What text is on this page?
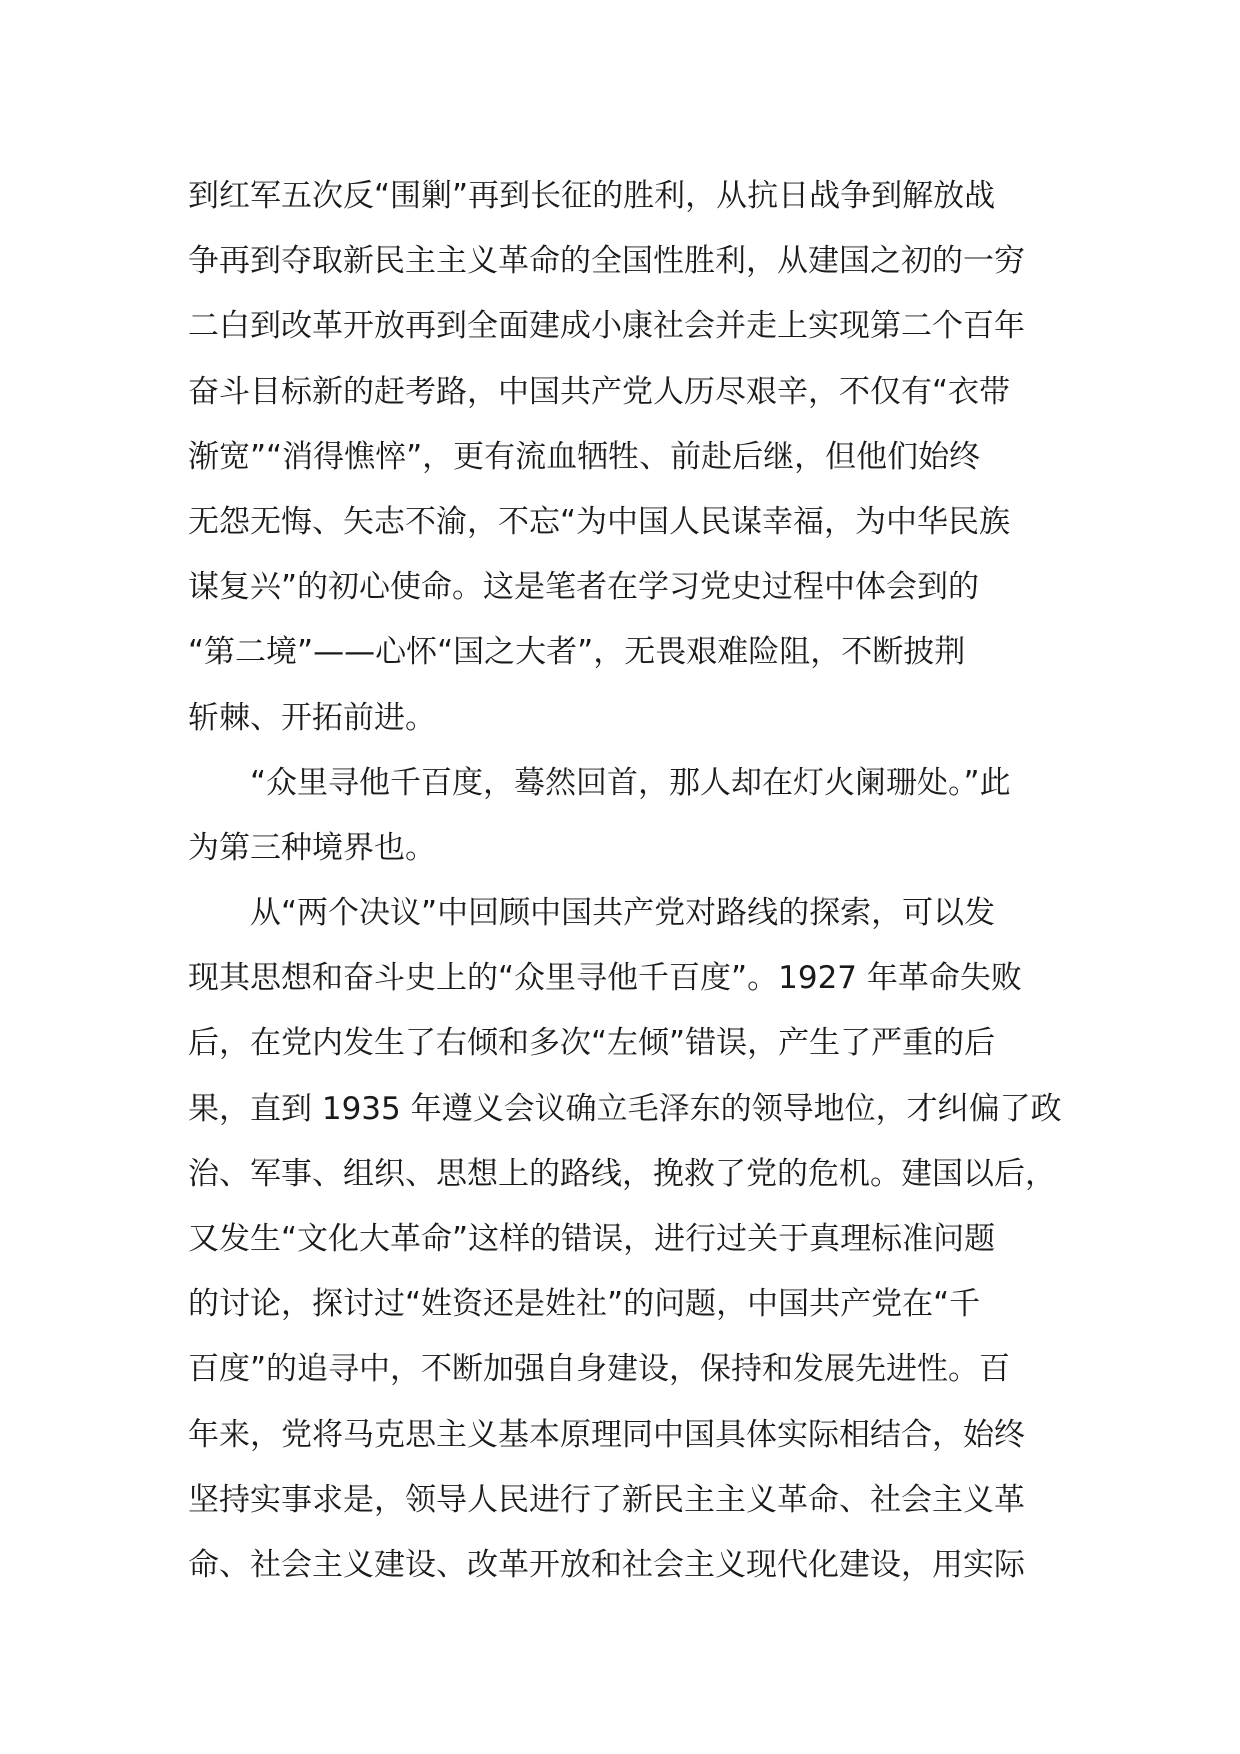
到红军五次反“围剿”再到长征的胜利，从抗日战争到解放战
争再到夺取新民主主义革命的全国性胜利，从建国之初的一穷
二白到改革开放再到全面建成小康社会并走上实现第二个百年
奋斗目标新的赶考路，中国共产党人历尽艰辛，不仅有“衣带
渐宽”“消得憔悴”，更有流血牺牲、前赴后继，但他们始终
无怨无悔、矢志不渝，不忘“为中国人民谋幸福，为中华民族
谋复兴”的初心使命。这是笔者在学习党史过程中体会到的
“第二境”——心怀“国之大者”，无畏艰难险阻，不断披荆
斩棘、开拓前进。
“众里寻他千百度，蓦然回首，那人却在灯火阑珊处。”此
为第三种境界也。
从“两个决议”中回顾中国共产党对路线的探索，可以发
现其思想和奋斗史上的“众里寻他千百度”。1927 年革命失败
后，在党内发生了右倾和多次“左倾”错误，产生了严重的后
果，直到 1935 年遵义会议确立毛泽东的领导地位，才纠偏了政
治、军事、组织、思想上的路线，挽救了党的危机。建国以后，
又发生“文化大革命”这样的错误，进行过关于真理标准问题
的讨论，探讨过“姓资还是姓社”的问题，中国共产党在“千
百度”的追寻中，不断加强自身建设，保持和发展先进性。百
年来，党将马克思主义基本原理同中国具体实际相结合，始终
坚持实事求是，领导人民进行了新民主主义革命、社会主义革
命、社会主义建设、改革开放和社会主义现代化建设，用实际
